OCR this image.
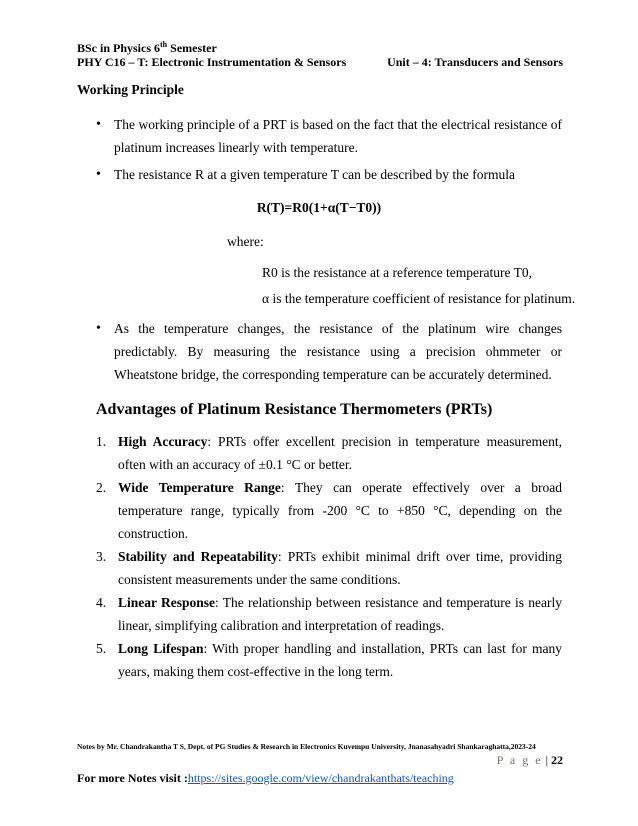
BSc in Physics 6th Semester
PHY C16 – T: Electronic Instrumentation & Sensors	Unit – 4: Transducers and Sensors
Working Principle
• The working principle of a PRT is based on the fact that the electrical resistance of platinum increases linearly with temperature.
• The resistance R at a given temperature T can be described by the formula
R(T)=R0(1+α(T−T0))
where:
R0 is the resistance at a reference temperature T0,
α is the temperature coefficient of resistance for platinum.
• As the temperature changes, the resistance of the platinum wire changes predictably. By measuring the resistance using a precision ohmmeter or Wheatstone bridge, the corresponding temperature can be accurately determined.
Advantages of Platinum Resistance Thermometers (PRTs)
1. High Accuracy: PRTs offer excellent precision in temperature measurement, often with an accuracy of ±0.1 °C or better.
2. Wide Temperature Range: They can operate effectively over a broad temperature range, typically from -200 °C to +850 °C, depending on the construction.
3. Stability and Repeatability: PRTs exhibit minimal drift over time, providing consistent measurements under the same conditions.
4. Linear Response: The relationship between resistance and temperature is nearly linear, simplifying calibration and interpretation of readings.
5. Long Lifespan: With proper handling and installation, PRTs can last for many years, making them cost-effective in the long term.
Notes by Mr. Chandrakantha T S, Dept. of PG Studies & Research in Electronics Kuvempu University, Jnanasahyadri Shankaraghatta,2023-24
P a g e | 22
For more Notes visit :https://sites.google.com/view/chandrakanthats/teaching
